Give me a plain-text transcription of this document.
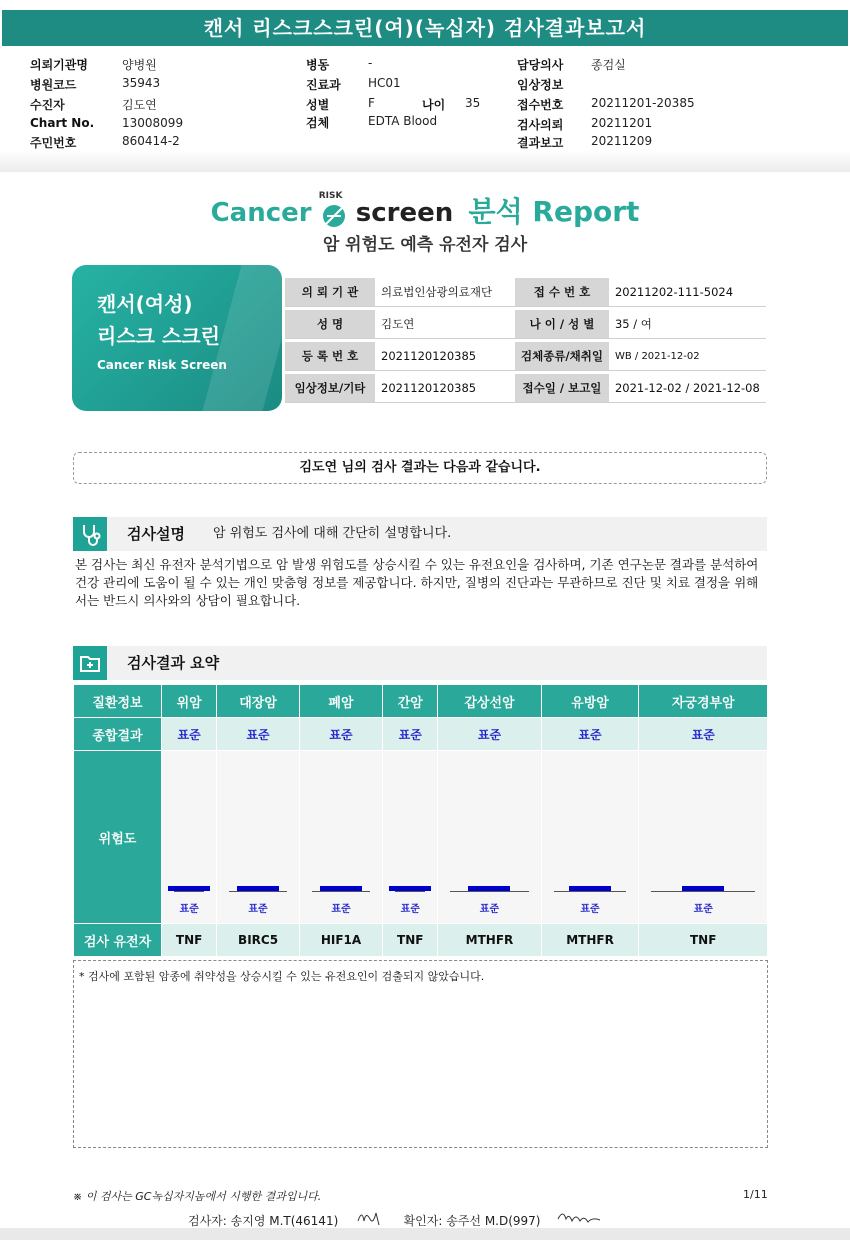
캔서 리스크스크린(여)(녹십자) 검사결과보고서
의뢰기관명	양병원
병원코드	35943
수진자	김도연
Chart No. 13008099
주민번호	860414-2
병동	-
진료과 HC01
성별	F	나이 35
검체	EDTA Blood
담당의사 종검실
임상정보
접수번호 20211201-20385
검사의뢰 20211201
결과보고 20211209
Cancer
RISK
screen 분석 Report
암 위험도 예측 유전자 검사
캔서(여성)
리스크 스크린
Cancer Risk Screen
의 뢰 기 관	의료법인삼광의료재단	접 수 번 호	20211202-111-5024
성 명	김도연	나 이 / 성 별	35 / 여
등 록 번 호	2021120120385	검체종류/채취일	WB / 2021-12-02
임상정보/기타	2021120120385	접수일 / 보고일	2021-12-02 / 2021-12-08
김도연 님의 검사 결과는 다음과 같습니다.
검사설명 암 위험도 검사에 대해 간단히 설명합니다.
본 검사는 최신 유전자 분석기법으로 암 발생 위험도를 상승시킬 수 있는 유전요인을 검사하며, 기존 연구논문 결과를 분석하여 건강 관리에 도움이 될 수 있는 개인 맞춤형 정보를 제공합니다. 하지만, 질병의 진단과는 무관하므로 진단 및 치료 결정을 위해서는 반드시 의사와의 상담이 필요합니다.
검사결과 요약
질환정보	위암	대장암	폐암	간암	갑상선암	유방암	자궁경부암
종합결과	표준	표준	표준	표준	표준	표준	표준
위험도	표준	표준	표준	표준	표준	표준	표준

검사 유전자	TNF	BIRC5	HIF1A	TNF	MTHFR	MTHFR	TNF
* 검사에 포함된 암종에 취약성을 상승시킬 수 있는 유전요인이 검출되지 않았습니다.
※ 이 검사는 GC녹십자지놈에서 시행한 결과입니다.	1/11
검사자: 송지영 M.T(46141)	확인자: 송주선 M.D(997)
